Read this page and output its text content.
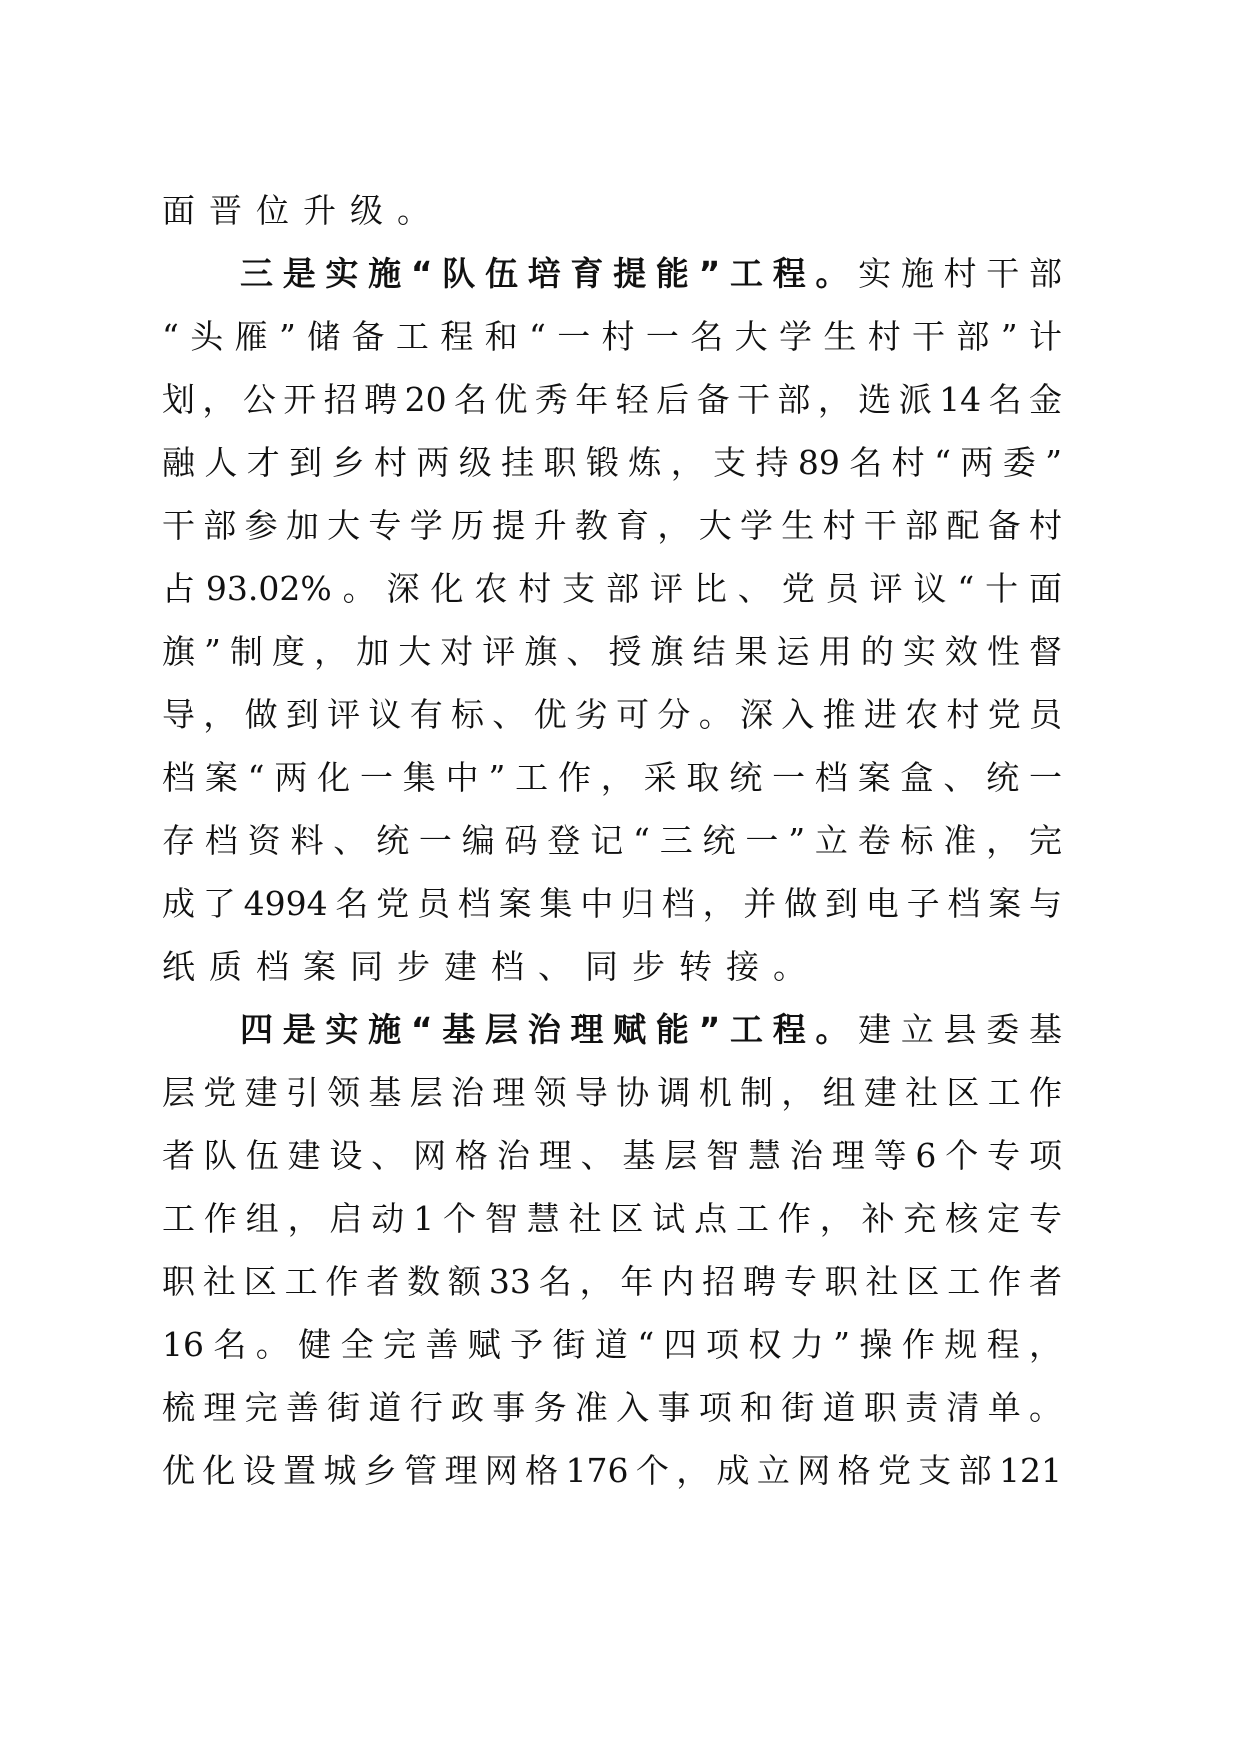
面晋位升级。
三是实施“队伍培育提能”工程。实施村干部
“头雁”储备工程和“一村一名大学生村干部”计
划，公开招聘20名优秀年轻后备干部，选派14名金
融人才到乡村两级挂职锻炼，支持89名村“两委”
干部参加大专学历提升教育，大学生村干部配备村
占93.02%。深化农村支部评比、党员评议“十面
旗”制度，加大对评旗、授旗结果运用的实效性督
导，做到评议有标、优劣可分。深入推进农村党员
档案“两化一集中”工作，采取统一档案盒、统一
存档资料、统一编码登记“三统一”立卷标准，完
成了4994名党员档案集中归档，并做到电子档案与
纸质档案同步建档、同步转接。
四是实施“基层治理赋能”工程。建立县委基
层党建引领基层治理领导协调机制，组建社区工作
者队伍建设、网格治理、基层智慧治理等6个专项
工作组，启动1个智慧社区试点工作，补充核定专
职社区工作者数额33名，年内招聘专职社区工作者
16名。健全完善赋予街道“四项权力”操作规程，
梳理完善街道行政事务准入事项和街道职责清单。
优化设置城乡管理网格176个，成立网格党支部121
